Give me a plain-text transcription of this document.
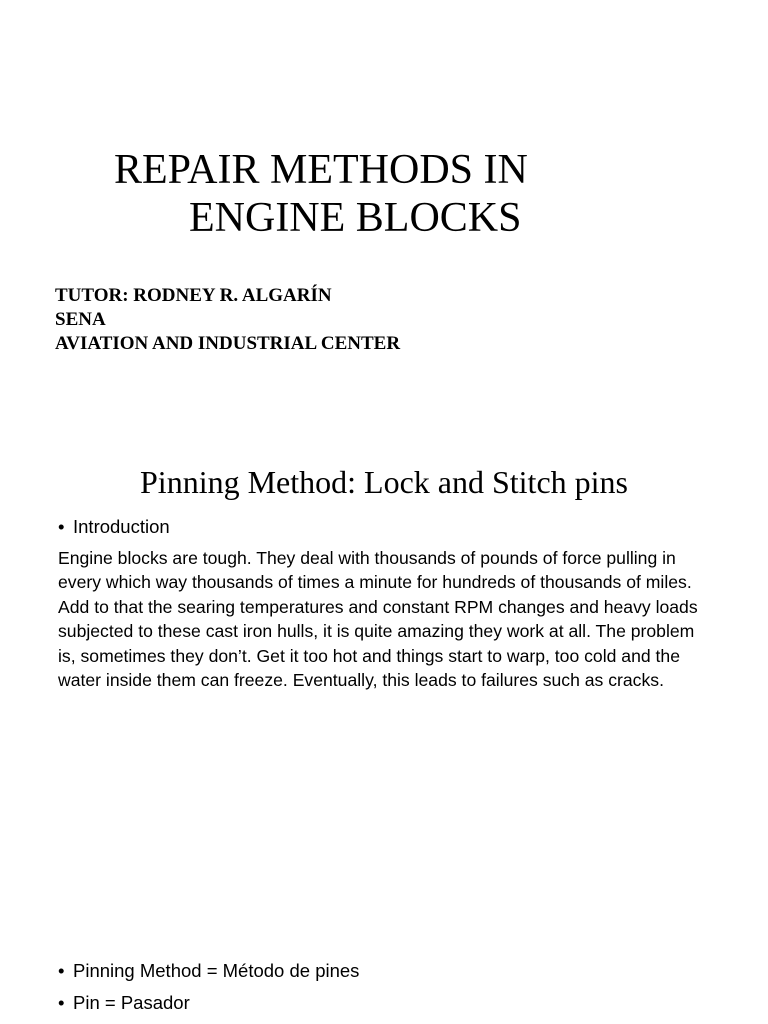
REPAIR METHODS IN
ENGINE BLOCKS
TUTOR: RODNEY R. ALGARÍN
SENA
AVIATION AND INDUSTRIAL CENTER
Pinning Method: Lock and Stitch pins
• Introduction

Engine blocks are tough. They deal with thousands of pounds of force pulling in every which way thousands of times a minute for hundreds of thousands of miles. Add to that the searing temperatures and constant RPM changes and heavy loads subjected to these cast iron hulls, it is quite amazing they work at all. The problem is, sometimes they don’t. Get it too hot and things start to warp, too cold and the water inside them can freeze. Eventually, this leads to failures such as cracks.

• Pinning Method = Método de pines
• Pin = Pasador
